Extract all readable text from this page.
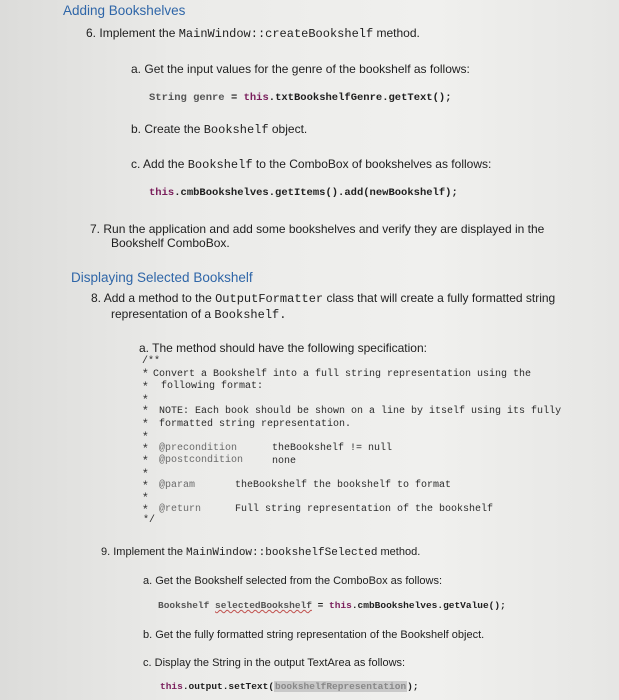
Adding Bookshelves
6. Implement the MainWindow::createBookshelf method.
a. Get the input values for the genre of the bookshelf as follows:
String genre = this.txtBookshelfGenre.getText();
b. Create the Bookshelf object.
c. Add the Bookshelf to the ComboBox of bookshelves as follows:
this.cmbBookshelves.getItems().add(newBookshelf);
7. Run the application and add some bookshelves and verify they are displayed in the
Bookshelf ComboBox.
Displaying Selected Bookshelf
8. Add a method to the OutputFormatter class that will create a fully formatted string
representation of a Bookshelf.
a. The method should have the following specification:
/**
* Convert a Bookshelf into a full string representation using the
* following format:
*
* NOTE: Each book should be shown on a line by itself using its fully
* formatted string representation.
*
* @precondition	theBookshelf != null
* @postcondition	none
*
* @param	theBookshelf the bookshelf to format
*
* @return	Full string representation of the bookshelf
*/
9. Implement the MainWindow::bookshelfSelected method.
a. Get the Bookshelf selected from the ComboBox as follows:
Bookshelf selectedBookshelf = this.cmbBookshelves.getValue();
b. Get the fully formatted string representation of the Bookshelf object.
c. Display the String in the output TextArea as follows:
this.output.setText(bookshelfRepresentation);
